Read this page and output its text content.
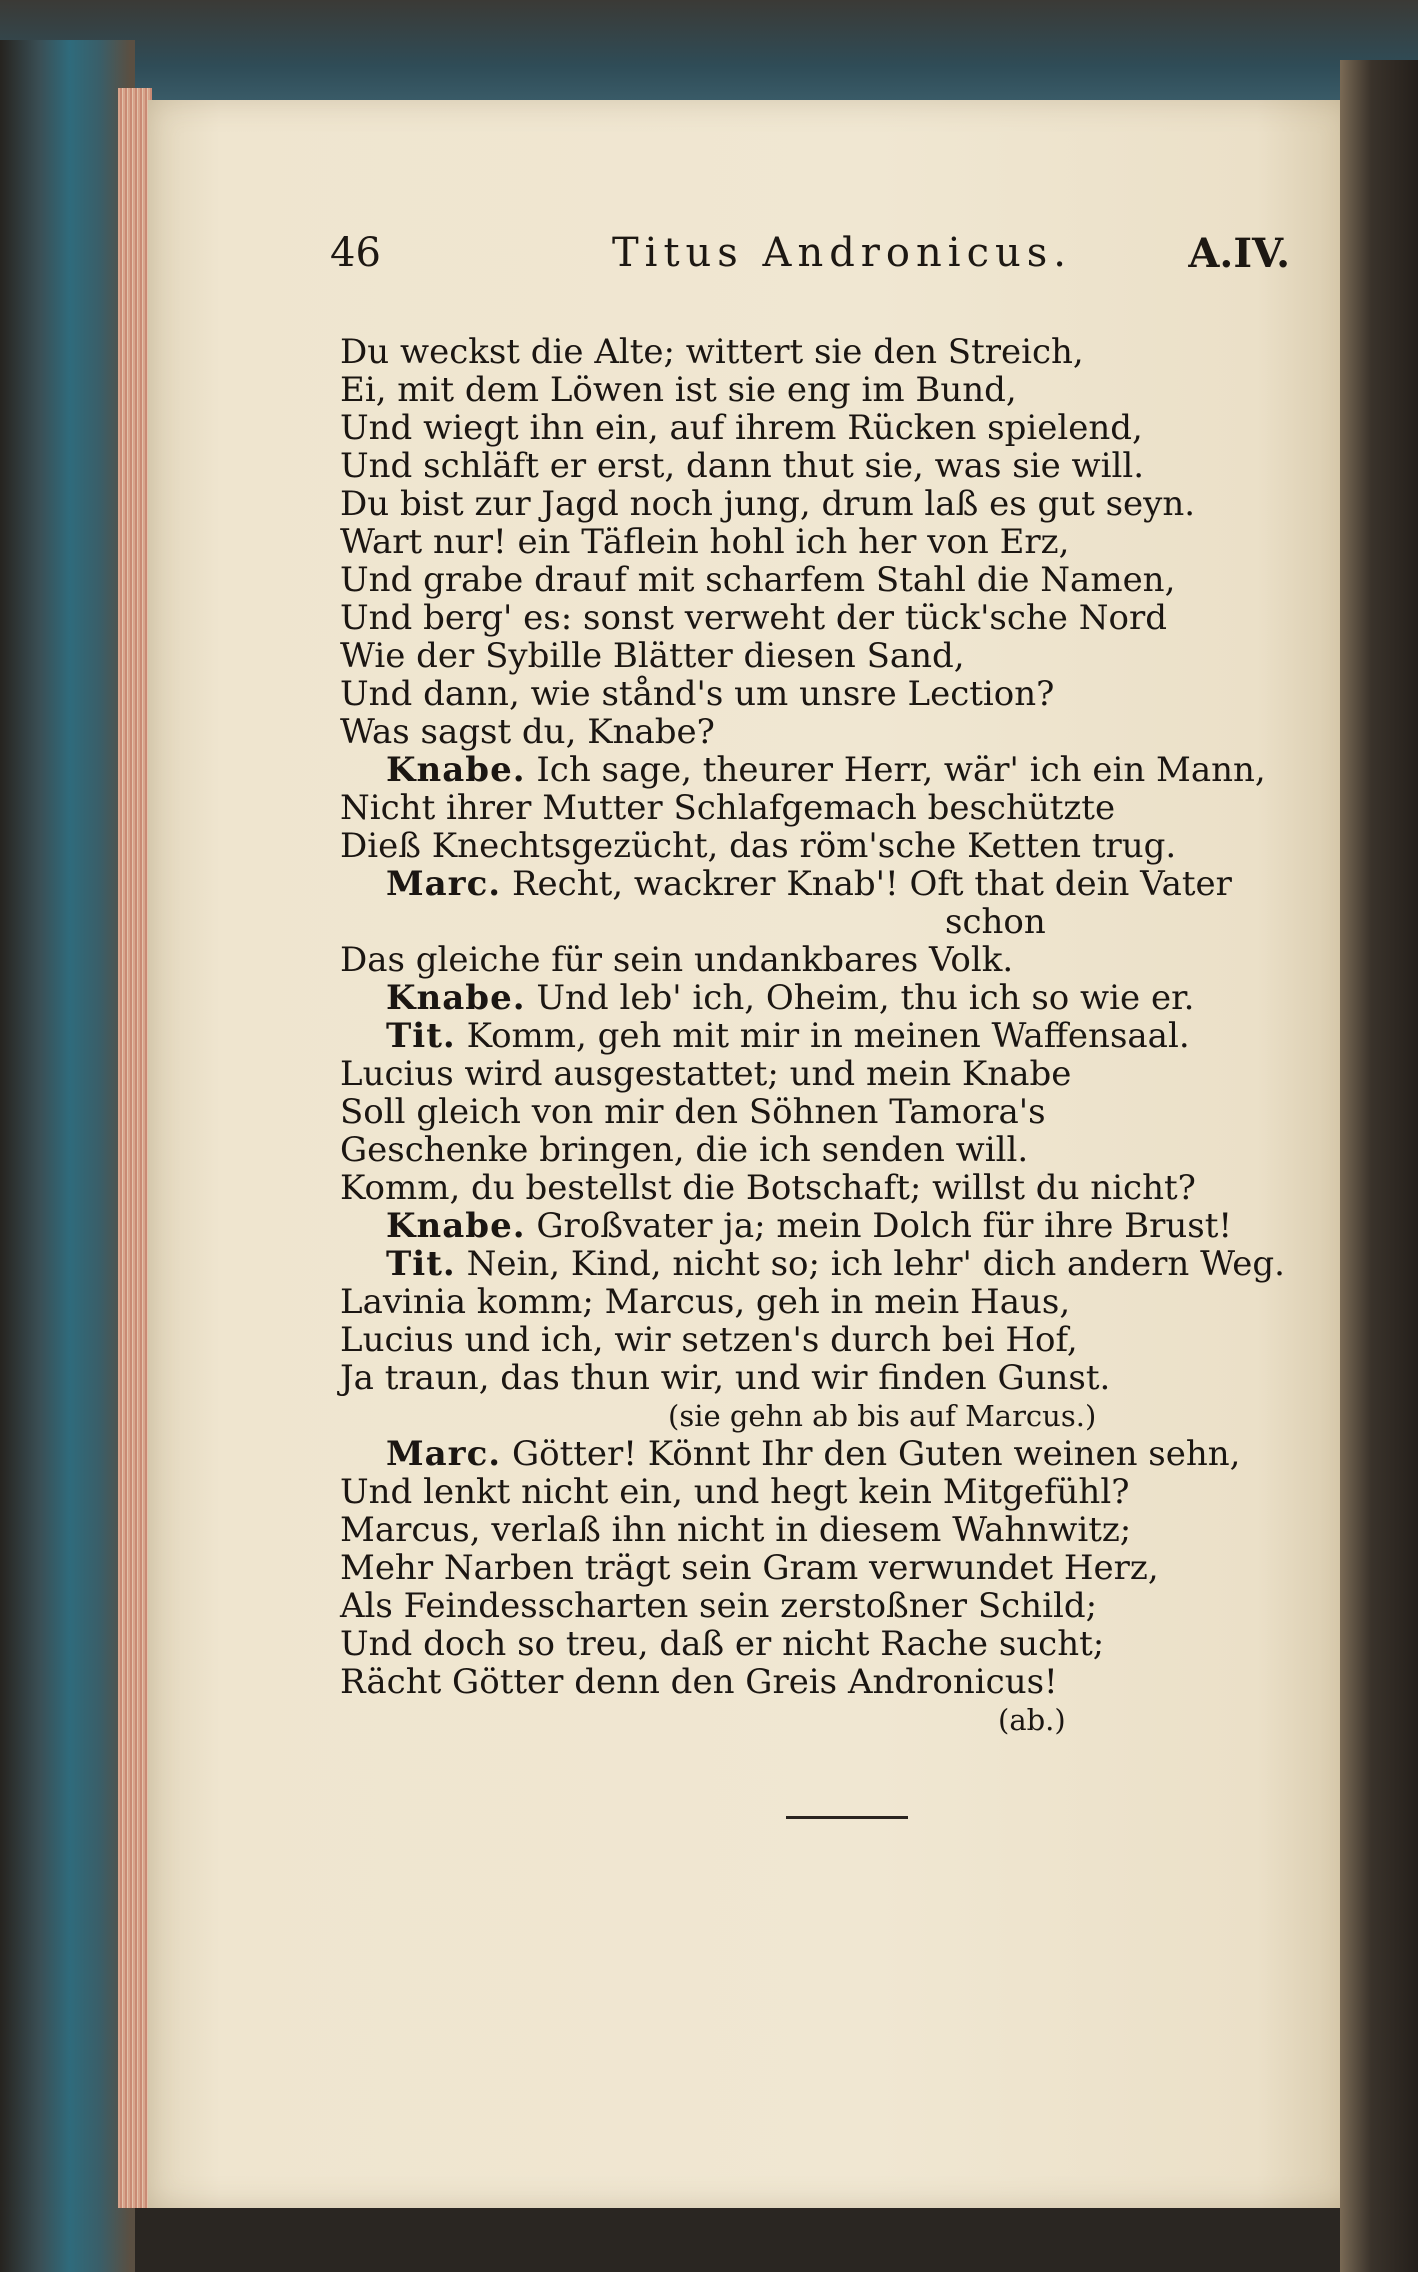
46	Titus Andronicus.	A.IV.
Du weckst die Alte; wittert sie den Streich,
Ei, mit dem Löwen ist sie eng im Bund,
Und wiegt ihn ein, auf ihrem Rücken spielend,
Und schläft er erst, dann thut sie, was sie will.
Du bist zur Jagd noch jung, drum laß es gut seyn.
Wart nur! ein Täflein hohl ich her von Erz,
Und grabe drauf mit scharfem Stahl die Namen,
Und berg' es: sonst verweht der tück'sche Nord
Wie der Sybille Blätter diesen Sand,
Und dann, wie stånd's um unsre Lection?
Was sagst du, Knabe?
Knabe. Ich sage, theurer Herr, wär' ich ein Mann,
Nicht ihrer Mutter Schlafgemach beschützte
Dieß Knechtsgezücht, das röm'sche Ketten trug.
Marc. Recht, wackrer Knab'! Oft that dein Vater
schon
Das gleiche für sein undankbares Volk.
Knabe. Und leb' ich, Oheim, thu ich so wie er.
Tit. Komm, geh mit mir in meinen Waffensaal.
Lucius wird ausgestattet; und mein Knabe
Soll gleich von mir den Söhnen Tamora's
Geschenke bringen, die ich senden will.
Komm, du bestellst die Botschaft; willst du nicht?
Knabe. Großvater ja; mein Dolch für ihre Brust!
Tit. Nein, Kind, nicht so; ich lehr' dich andern Weg.
Lavinia komm; Marcus, geh in mein Haus,
Lucius und ich, wir setzen's durch bei Hof,
Ja traun, das thun wir, und wir finden Gunst.
(sie gehn ab bis auf Marcus.)
Marc. Götter! Könnt Ihr den Guten weinen sehn,
Und lenkt nicht ein, und hegt kein Mitgefühl?
Marcus, verlaß ihn nicht in diesem Wahnwitz;
Mehr Narben trägt sein Gram verwundet Herz,
Als Feindesscharten sein zerstoßner Schild;
Und doch so treu, daß er nicht Rache sucht;
Rächt Götter denn den Greis Andronicus!
(ab.)
